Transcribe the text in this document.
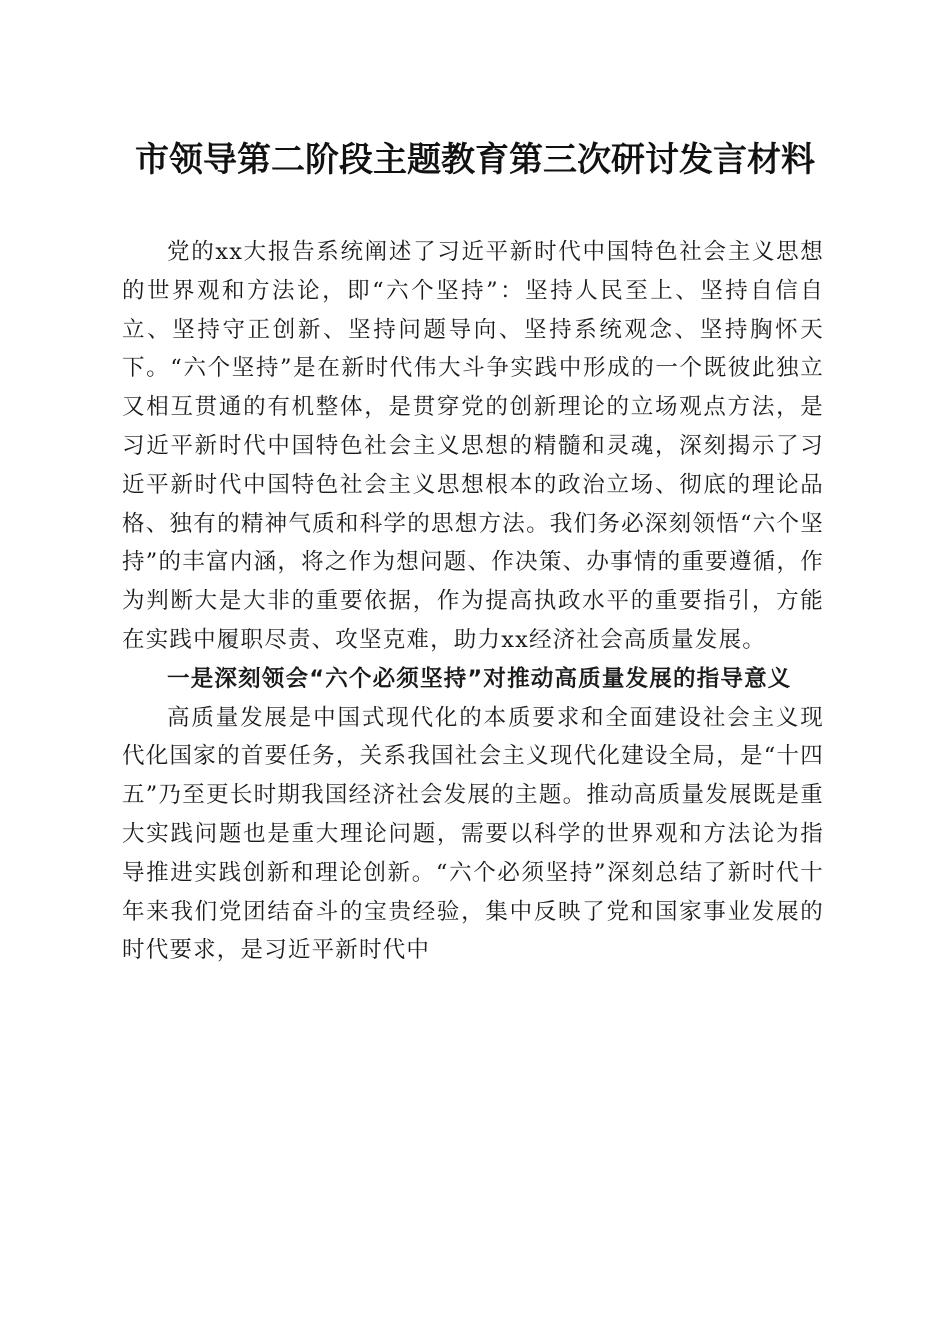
市领导第二阶段主题教育第三次研讨发言材料

党的xx大报告系统阐述了习近平新时代中国特色社会主义思想的世界观和方法论，即“六个坚持”：坚持人民至上、坚持自信自立、坚持守正创新、坚持问题导向、坚持系统观念、坚持胸怀天下。“六个坚持”是在新时代伟大斗争实践中形成的一个既彼此独立又相互贯通的有机整体，是贯穿党的创新理论的立场观点方法，是习近平新时代中国特色社会主义思想的精髓和灵魂，深刻揭示了习近平新时代中国特色社会主义思想根本的政治立场、彻底的理论品格、独有的精神气质和科学的思想方法。我们务必深刻领悟“六个坚持”的丰富内涵，将之作为想问题、作决策、办事情的重要遵循，作为判断大是大非的重要依据，作为提高执政水平的重要指引，方能在实践中履职尽责、攻坚克难，助力xx经济社会高质量发展。

一是深刻领会“六个必须坚持”对推动高质量发展的指导意义

高质量发展是中国式现代化的本质要求和全面建设社会主义现代化国家的首要任务，关系我国社会主义现代化建设全局，是“十四五”乃至更长时期我国经济社会发展的主题。推动高质量发展既是重大实践问题也是重大理论问题，需要以科学的世界观和方法论为指导推进实践创新和理论创新。“六个必须坚持”深刻总结了新时代十年来我们党团结奋斗的宝贵经验，集中反映了党和国家事业发展的时代要求，是习近平新时代中
